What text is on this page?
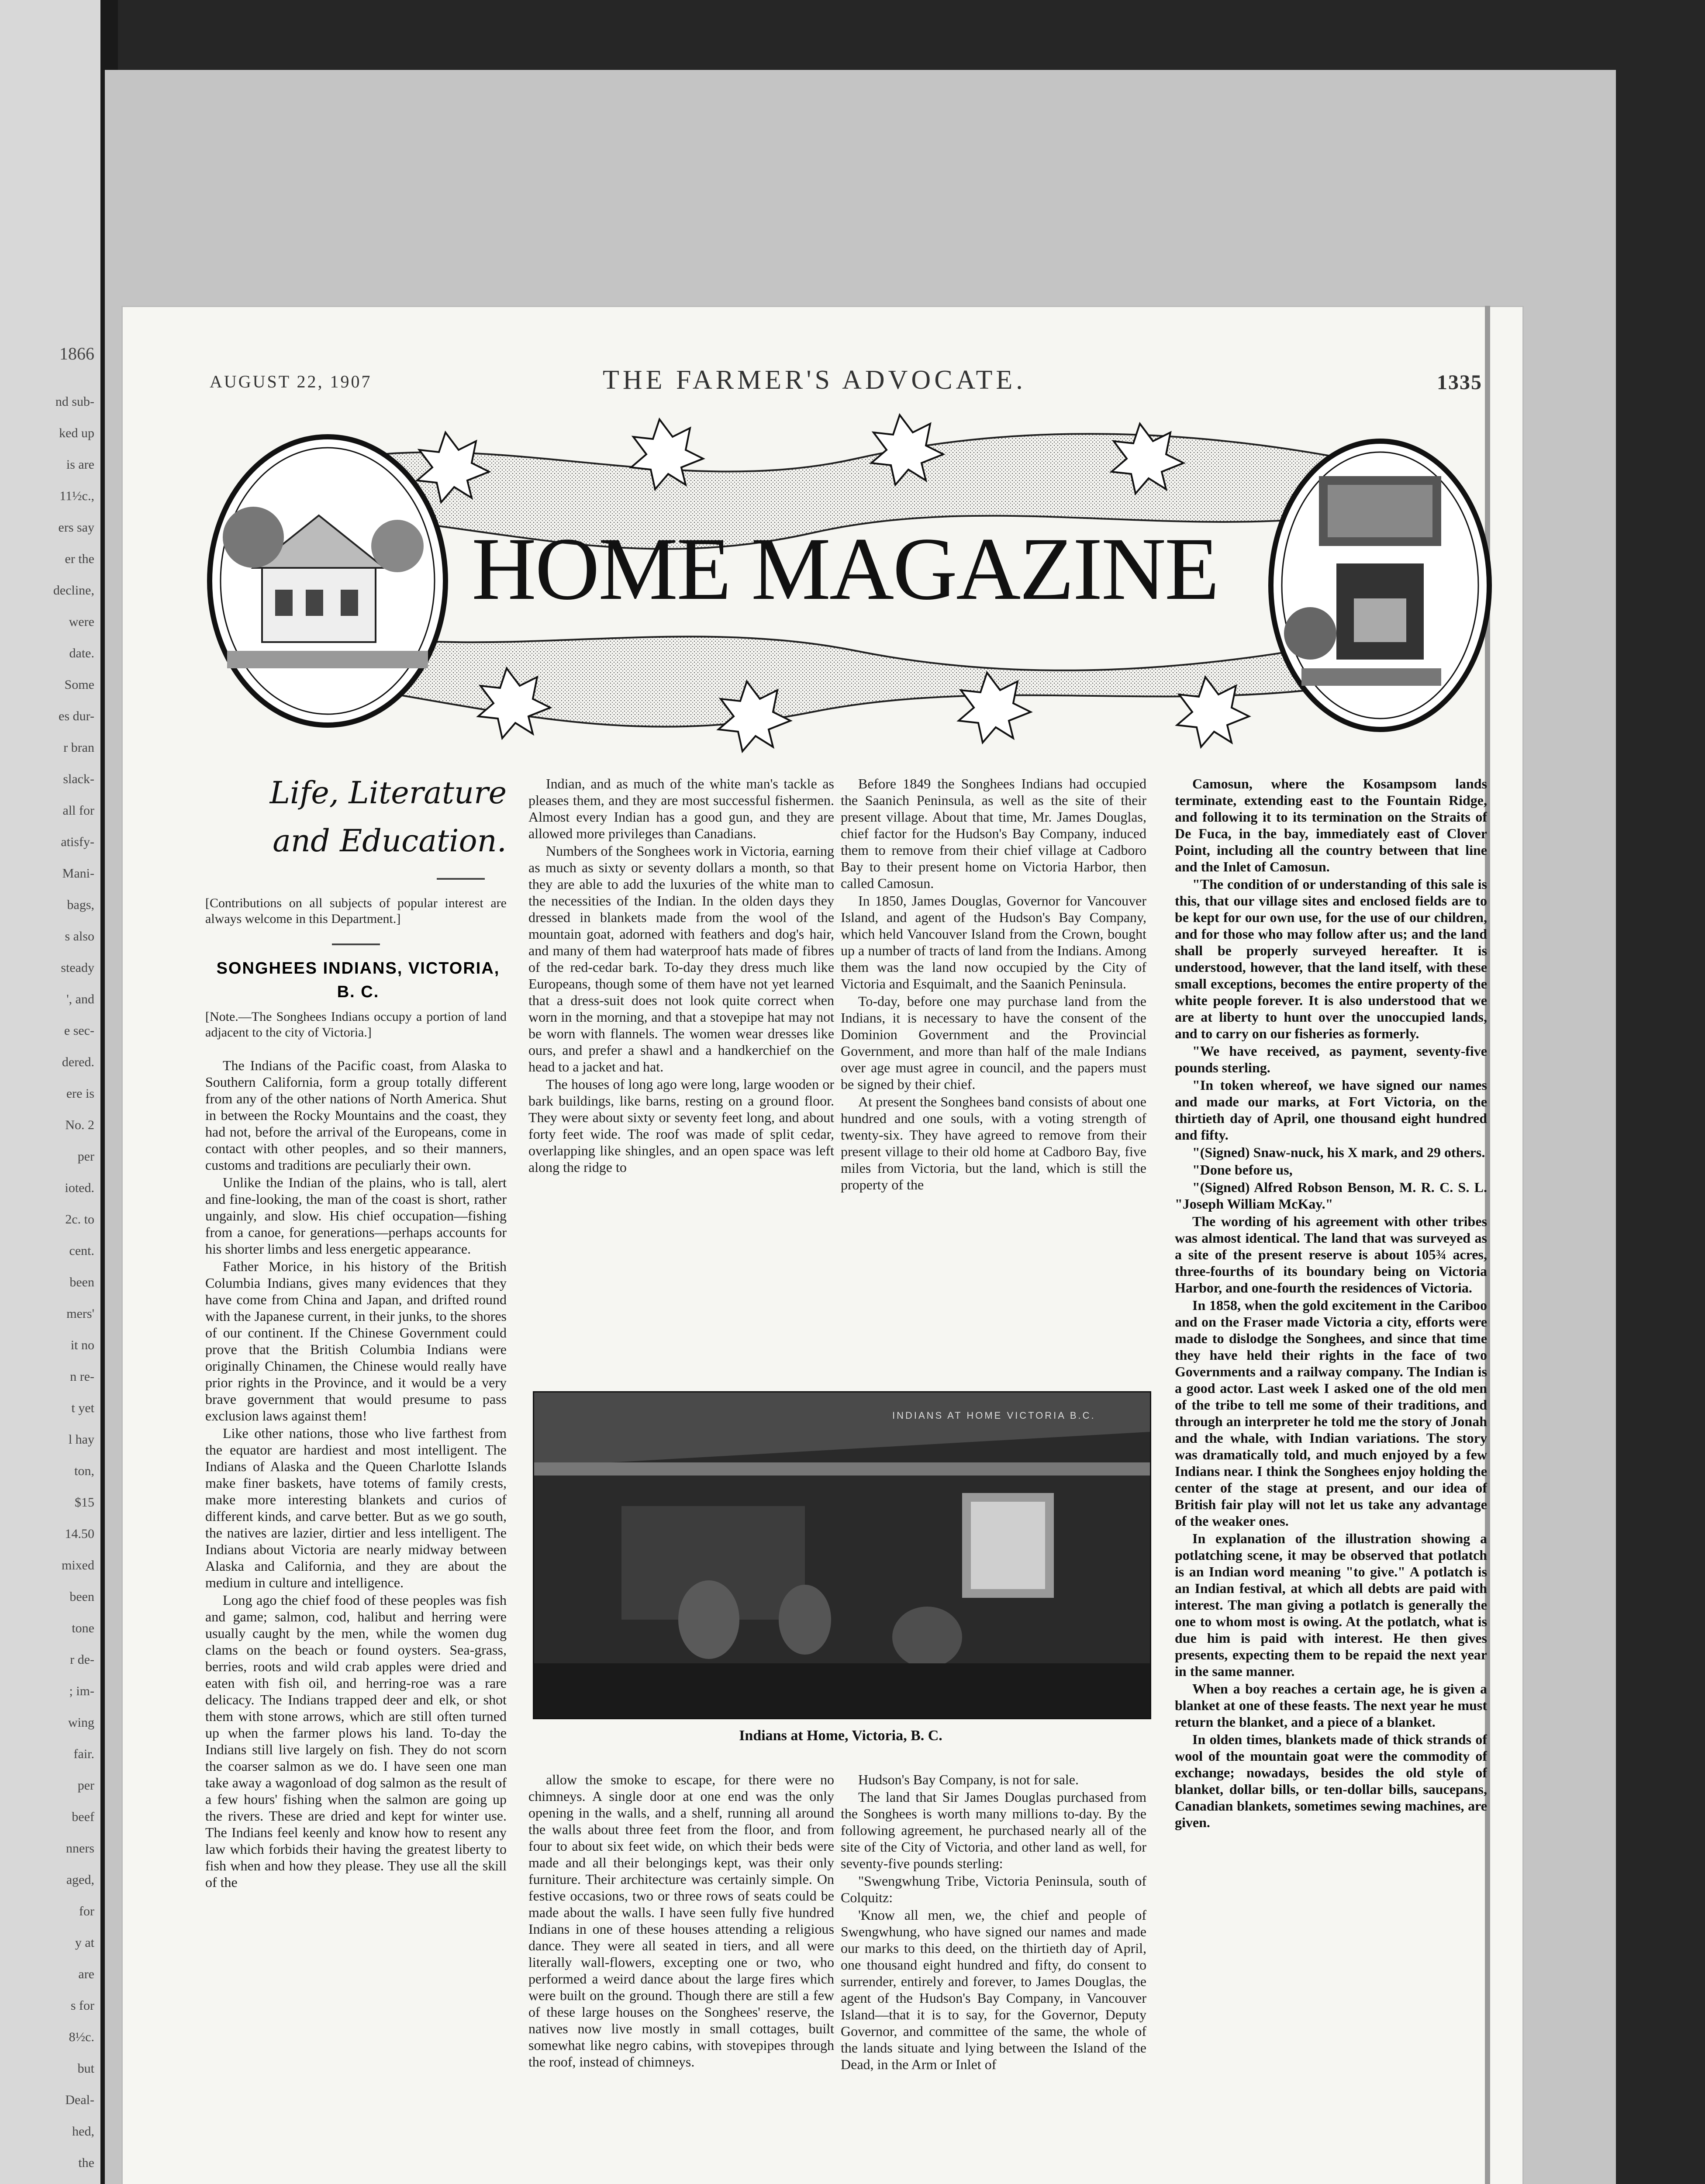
1866
nd sub-
ked up
is are
11½c.,
ers say
er the
decline,
were
date.
Some
es dur-
r bran
slack-
all for
atisfy-
Mani-
bags,
s also
steady
', and
e sec-
dered.
ere is
No. 2
per
ioted.
2c. to
cent.
been
mers'
it no
n re-
t yet
l hay
ton,
$15
14.50
mixed
been
tone
r de-
; im-
wing
fair.
per
beef
nners
aged,
for
y at
are
s for
8½c.
but
Deal-
hed,
the
AUGUST 22, 1907	THE FARMER'S ADVOCATE.	1335
HOME MAGAZINE
Life, Literature
and Education.
[Contributions on all subjects of popular interest are always welcome in this Department.]
SONGHEES INDIANS, VICTORIA, B. C.
[Note.—The Songhees Indians occupy a portion of land adjacent to the city of Victoria.]

The Indians of the Pacific coast, from Alaska to Southern California, form a group totally different from any of the other nations of North America. Shut in between the Rocky Mountains and the coast, they had not, before the arrival of the Europeans, come in contact with other peoples, and so their manners, customs and traditions are peculiarly their own.

Unlike the Indian of the plains, who is tall, alert and fine-looking, the man of the coast is short, rather ungainly, and slow. His chief occupation—fishing from a canoe, for generations—perhaps accounts for his shorter limbs and less energetic appearance.

Father Morice, in his history of the British Columbia Indians, gives many evidences that they have come from China and Japan, and drifted round with the Japanese current, in their junks, to the shores of our continent. If the Chinese Government could prove that the British Columbia Indians were originally Chinamen, the Chinese would really have prior rights in the Province, and it would be a very brave government that would presume to pass exclusion laws against them!

Like other nations, those who live farthest from the equator are hardiest and most intelligent. The Indians of Alaska and the Queen Charlotte Islands make finer baskets, have totems of family crests, make more interesting blankets and curios of different kinds, and carve better. But as we go south, the natives are lazier, dirtier and less intelligent. The Indians about Victoria are nearly midway between Alaska and California, and they are about the medium in culture and intelligence.

Long ago the chief food of these peoples was fish and game; salmon, cod, halibut and herring were usually caught by the men, while the women dug clams on the beach or found oysters. Sea-grass, berries, roots and wild crab apples were dried and eaten with fish oil, and herring-roe was a rare delicacy. The Indians trapped deer and elk, or shot them with stone arrows, which are still often turned up when the farmer plows his land. To-day the Indians still live largely on fish. They do not scorn the coarser salmon as we do. I have seen one man take away a wagonload of dog salmon as the result of a few hours' fishing when the salmon are going up the rivers. These are dried and kept for winter use. The Indians feel keenly and know how to resent any law which forbids their having the greatest liberty to fish when and how they please. They use all the skill of the

Indian, and as much of the white man's tackle as pleases them, and they are most successful fishermen. Almost every Indian has a good gun, and they are allowed more privileges than Canadians.

Numbers of the Songhees work in Victoria, earning as much as sixty or seventy dollars a month, so that they are able to add the luxuries of the white man to the necessities of the Indian. In the olden days they dressed in blankets made from the wool of the mountain goat, adorned with feathers and dog's hair, and many of them had waterproof hats made of fibres of the red-cedar bark. To-day they dress much like Europeans, though some of them have not yet learned that a dress-suit does not look quite correct when worn in the morning, and that a stovepipe hat may not be worn with flannels. The women wear dresses like ours, and prefer a shawl and a handkerchief on the head to a jacket and hat.

The houses of long ago were long, large wooden or bark buildings, like barns, resting on a ground floor. They were about sixty or seventy feet long, and about forty feet wide. The roof was made of split cedar, overlapping like shingles, and an open space was left along the ridge to

Before 1849 the Songhees Indians had occupied the Saanich Peninsula, as well as the site of their present village. About that time, Mr. James Douglas, chief factor for the Hudson's Bay Company, induced them to remove from their chief village at Cadboro Bay to their present home on Victoria Harbor, then called Camosun.

In 1850, James Douglas, Governor for Vancouver Island, and agent of the Hudson's Bay Company, which held Vancouver Island from the Crown, bought up a number of tracts of land from the Indians. Among them was the land now occupied by the City of Victoria and Esquimalt, and the Saanich Peninsula.

To-day, before one may purchase land from the Indians, it is necessary to have the consent of the Dominion Government and the Provincial Government, and more than half of the male Indians over age must agree in council, and the papers must be signed by their chief.

At present the Songhees band consists of about one hundred and one souls, with a voting strength of twenty-six. They have agreed to remove from their present village to their old home at Cadboro Bay, five miles from Victoria, but the land, which is still the property of the

INDIANS AT HOME VICTORIA B.C.
Indians at Home, Victoria, B. C.

allow the smoke to escape, for there were no chimneys. A single door at one end was the only opening in the walls, and a shelf, running all around the walls about three feet from the floor, and from four to about six feet wide, on which their beds were made and all their belongings kept, was their only furniture. Their architecture was certainly simple. On festive occasions, two or three rows of seats could be made about the walls. I have seen fully five hundred Indians in one of these houses attending a religious dance. They were all seated in tiers, and all were literally wall-flowers, excepting one or two, who performed a weird dance about the large fires which were built on the ground. Though there are still a few of these large houses on the Songhees' reserve, the natives now live mostly in small cottages, built somewhat like negro cabins, with stovepipes through the roof, instead of chimneys.

Hudson's Bay Company, is not for sale.

The land that Sir James Douglas purchased from the Songhees is worth many millions to-day. By the following agreement, he purchased nearly all of the site of the City of Victoria, and other land as well, for seventy-five pounds sterling:

"Swengwhung Tribe, Victoria Peninsula, south of Colquitz:

'Know all men, we, the chief and people of Swengwhung, who have signed our names and made our marks to this deed, on the thirtieth day of April, one thousand eight hundred and fifty, do consent to surrender, entirely and forever, to James Douglas, the agent of the Hudson's Bay Company, in Vancouver Island—that it is to say, for the Governor, Deputy Governor, and committee of the same, the whole of the lands situate and lying between the Island of the Dead, in the Arm or Inlet of

Camosun, where the Kosampsom lands terminate, extending east to the Fountain Ridge, and following it to its termination on the Straits of De Fuca, in the bay, immediately east of Clover Point, including all the country between that line and the Inlet of Camosun.

"The condition of or understanding of this sale is this, that our village sites and enclosed fields are to be kept for our own use, for the use of our children, and for those who may follow after us; and the land shall be properly surveyed hereafter. It is understood, however, that the land itself, with these small exceptions, becomes the entire property of the white people forever. It is also understood that we are at liberty to hunt over the unoccupied lands, and to carry on our fisheries as formerly.

"We have received, as payment, seventy-five pounds sterling.

"In token whereof, we have signed our names and made our marks, at Fort Victoria, on the thirtieth day of April, one thousand eight hundred and fifty.

"(Signed) Snaw-nuck, his X mark, and 29 others.

"Done before us,

"(Signed) Alfred Robson Benson, M. R. C. S. L. "Joseph William McKay."

The wording of his agreement with other tribes was almost identical. The land that was surveyed as a site of the present reserve is about 105¾ acres, three-fourths of its boundary being on Victoria Harbor, and one-fourth the residences of Victoria.

In 1858, when the gold excitement in the Cariboo and on the Fraser made Victoria a city, efforts were made to dislodge the Songhees, and since that time they have held their rights in the face of two Governments and a railway company. The Indian is a good actor. Last week I asked one of the old men of the tribe to tell me some of their traditions, and through an interpreter he told me the story of Jonah and the whale, with Indian variations. The story was dramatically told, and much enjoyed by a few Indians near. I think the Songhees enjoy holding the center of the stage at present, and our idea of British fair play will not let us take any advantage of the weaker ones.

In explanation of the illustration showing a potlatching scene, it may be observed that potlatch is an Indian word meaning "to give." A potlatch is an Indian festival, at which all debts are paid with interest. The man giving a potlatch is generally the one to whom most is owing. At the potlatch, what is due him is paid with interest. He then gives presents, expecting them to be repaid the next year in the same manner.

When a boy reaches a certain age, he is given a blanket at one of these feasts. The next year he must return the blanket, and a piece of a blanket.

In olden times, blankets made of thick strands of wool of the mountain goat were the commodity of exchange; nowadays, besides the old style of blanket, dollar bills, or ten-dollar bills, saucepans, Canadian blankets, sometimes sewing machines, are given.
